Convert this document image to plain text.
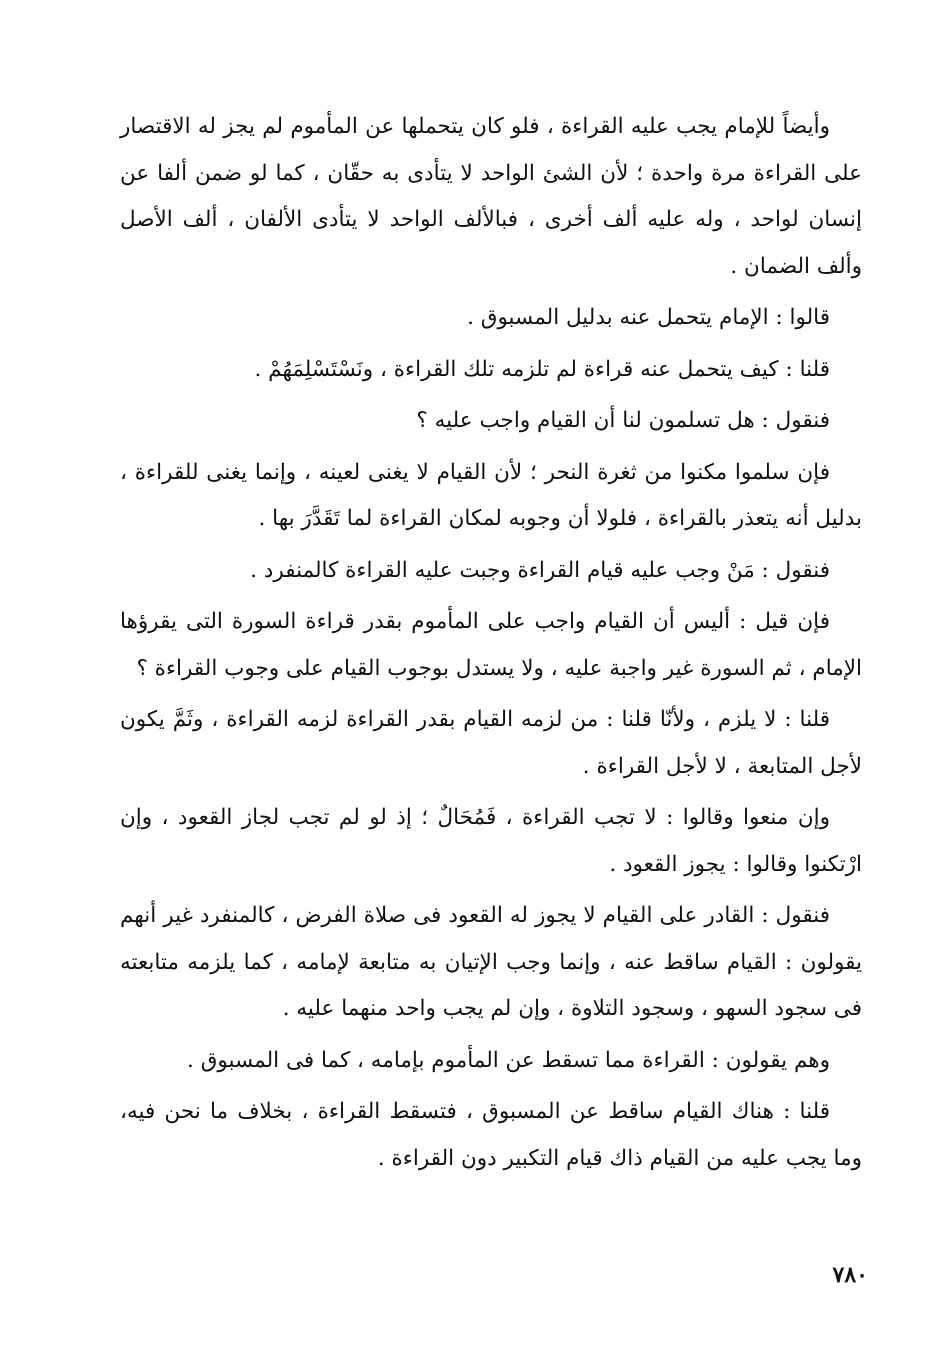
وأيضاً للإمام يجب عليه القراءة ، فلو كان يتحملها عن المأموم لم يجز له الاقتصار على القراءة مرة واحدة ؛ لأن الشئ الواحد لا يتأدى به حقّان ، كما لو ضمن ألفا عن إنسان لواحد ، وله عليه ألف أخرى ، فبالألف الواحد لا يتأدى الألفان ، ألف الأصل وألف الضمان .

قالوا : الإمام يتحمل عنه بدليل المسبوق .

قلنا : كيف يتحمل عنه قراءة لم تلزمه تلك القراءة ، ونَسْتَسْلِمَهُمْ .

فنقول : هل تسلمون لنا أن القيام واجب عليه ؟

فإن سلموا مكنوا من ثغرة النحر ؛ لأن القيام لا يغنى لعينه ، وإنما يغنى للقراءة ، بدليل أنه يتعذر بالقراءة ، فلولا أن وجوبه لمكان القراءة لما تَقَدَّرَ بها .

فنقول : مَنْ وجب عليه قيام القراءة وجبت عليه القراءة كالمنفرد .

فإن قيل : أليس أن القيام واجب على المأموم بقدر قراءة السورة التى يقرؤها الإمام ، ثم السورة غير واجبة عليه ، ولا يستدل بوجوب القيام على وجوب القراءة ؟

قلنا : لا يلزم ، ولأنّا قلنا : من لزمه القيام بقدر القراءة لزمه القراءة ، وثَمَّ يكون لأجل المتابعة ، لا لأجل القراءة .

وإن منعوا وقالوا : لا تجب القراءة ، فَمُحَالٌ ؛ إذ لو لم تجب لجاز القعود ، وإن ارْتكنوا وقالوا : يجوز القعود .

فنقول : القادر على القيام لا يجوز له القعود فى صلاة الفرض ، كالمنفرد غير أنهم يقولون : القيام ساقط عنه ، وإنما وجب الإتيان به متابعة لإمامه ، كما يلزمه متابعته فى سجود السهو ، وسجود التلاوة ، وإن لم يجب واحد منهما عليه .

وهم يقولون : القراءة مما تسقط عن المأموم بإمامه ، كما فى المسبوق .

قلنا : هناك القيام ساقط عن المسبوق ، فتسقط القراءة ، بخلاف ما نحن فيه، وما يجب عليه من القيام ذاك قيام التكبير دون القراءة .

٧٨٠
